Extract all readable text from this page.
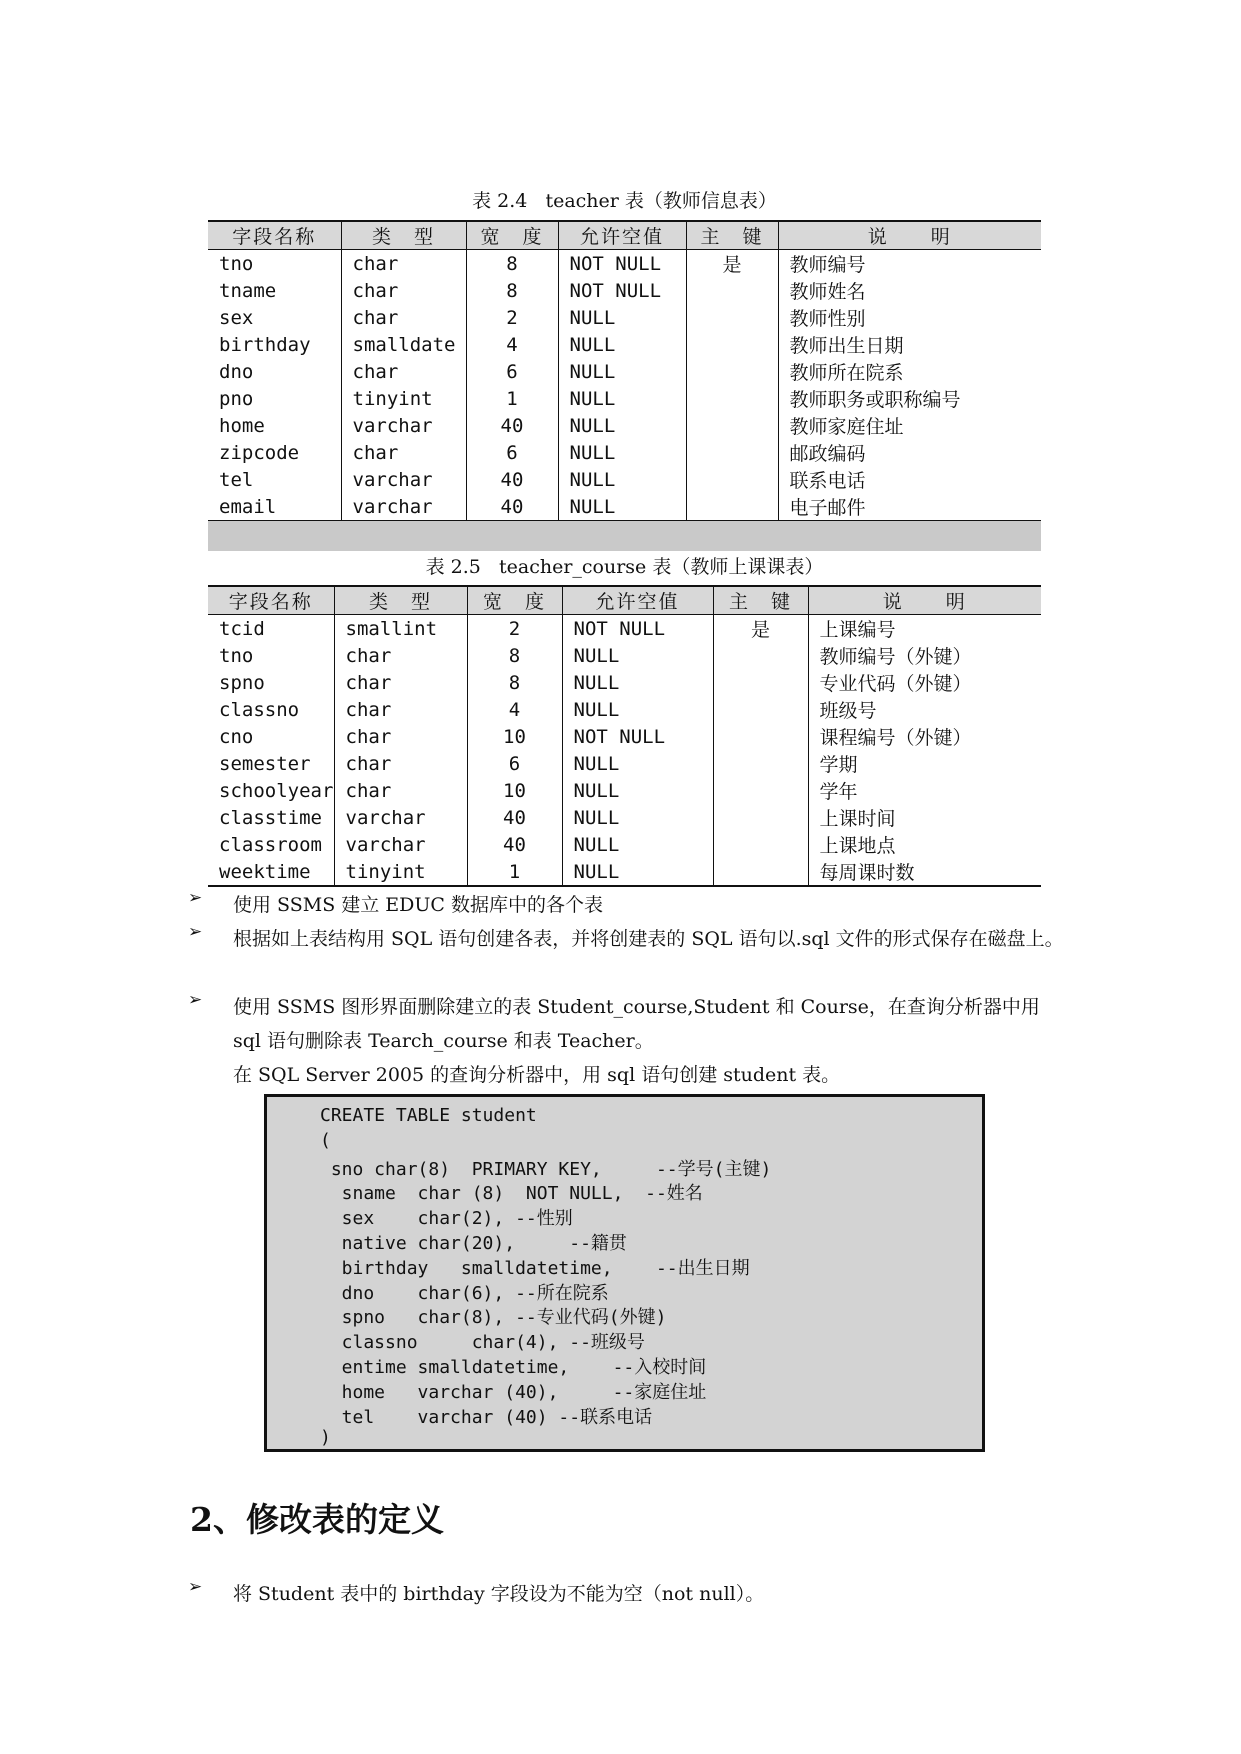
表 2.4   teacher 表（教师信息表）
字段名称	类　型	宽　度	允许空值	主　键	说　　明
tno	char	8	NOT NULL	是	教师编号
tname	char	8	NOT NULL		教师姓名
sex	char	2	NULL		教师性别
birthday	smalldate	4	NULL		教师出生日期
dno	char	6	NULL		教师所在院系
pno	tinyint	1	NULL		教师职务或职称编号
home	varchar	40	NULL		教师家庭住址
zipcode	char	6	NULL		邮政编码
tel	varchar	40	NULL		联系电话
email	varchar	40	NULL		电子邮件
表 2.5   teacher_course 表（教师上课课表）
字段名称	类　型	宽　度	允许空值	主　键	说　　明
tcid	smallint	2	NOT NULL	是	上课编号
tno	char	8	NULL		教师编号（外键）
spno	char	8	NULL		专业代码（外键）
classno	char	4	NULL		班级号
cno	char	10	NOT NULL		课程编号（外键）
semester	char	6	NULL		学期
schoolyear	char	10	NULL		学年
classtime	varchar	40	NULL		上课时间
classroom	varchar	40	NULL		上课地点
weektime	tinyint	1	NULL		每周课时数
➢ 使用 SSMS 建立 EDUC 数据库中的各个表
➢ 根据如上表结构用 SQL 语句创建各表，并将创建表的 SQL 语句以.sql 文件的形式保存在磁盘上。
➢ 使用 SSMS 图形界面删除建立的表 Student_course,Student 和 Course，在查询分析器中用 sql 语句删除表 Tearch_course 和表 Teacher。
在 SQL Server 2005 的查询分析器中，用 sql 语句创建 student 表。
CREATE TABLE student
(
sno char(8)  PRIMARY KEY,     --学号(主键)
sname  char (8)  NOT NULL,  --姓名
sex    char(2), --性别
native char(20),     --籍贯
birthday   smalldatetime,    --出生日期
dno    char(6), --所在院系
spno   char(8), --专业代码(外键)
classno     char(4), --班级号
entime smalldatetime,    --入校时间
home   varchar (40),     --家庭住址
tel    varchar (40) --联系电话
)
2、修改表的定义
➢ 将 Student 表中的 birthday 字段设为不能为空（not null）。
